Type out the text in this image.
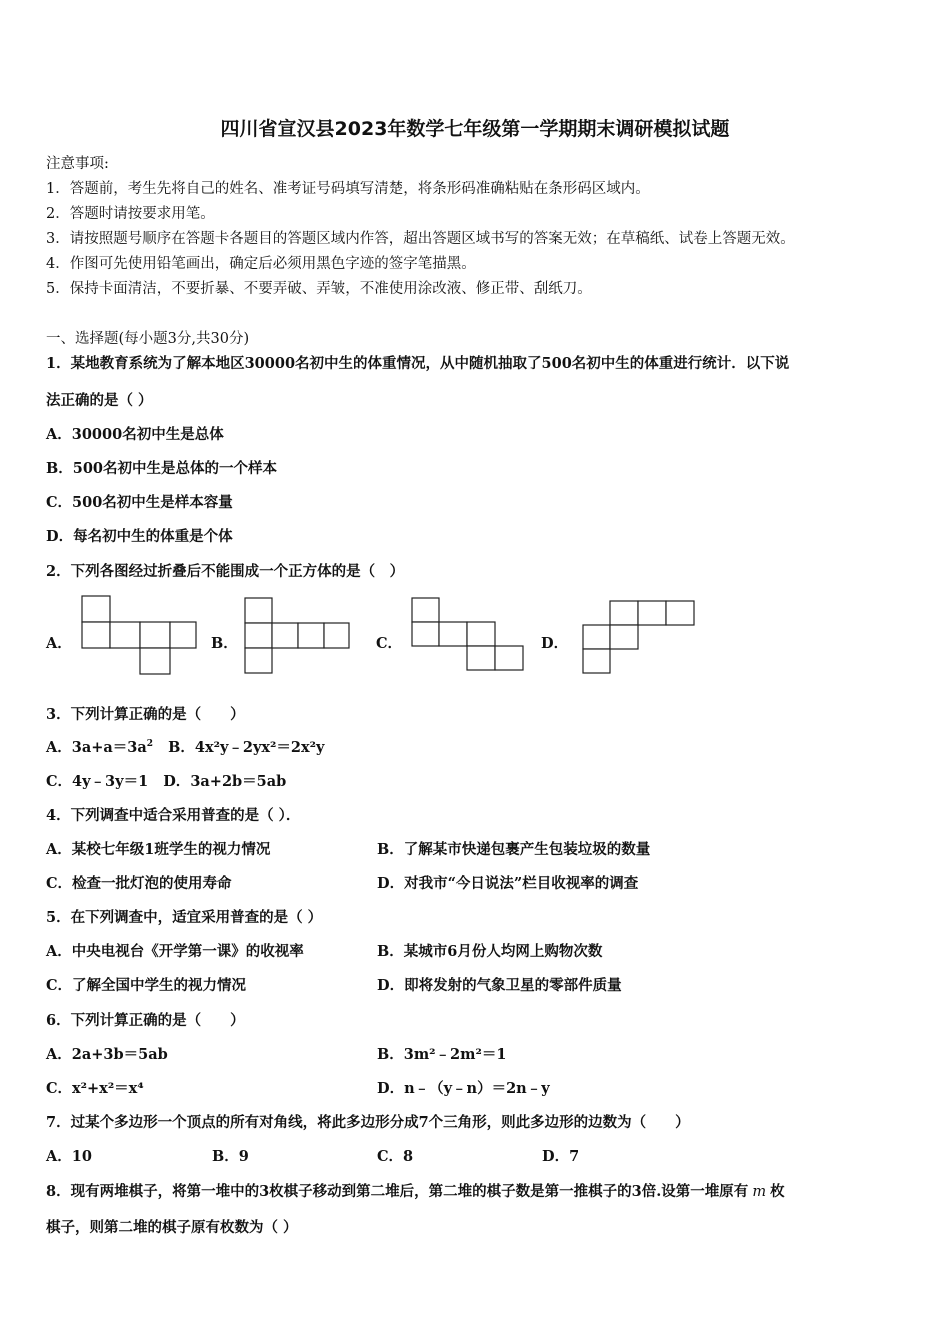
四川省宣汉县2023年数学七年级第一学期期末调研模拟试题
注意事项:
1．答题前，考生先将自己的姓名、准考证号码填写清楚，将条形码准确粘贴在条形码区域内。
2．答题时请按要求用笔。
3．请按照题号顺序在答题卡各题目的答题区域内作答，超出答题区域书写的答案无效；在草稿纸、试卷上答题无效。
4．作图可先使用铅笔画出，确定后必须用黑色字迹的签字笔描黑。
5．保持卡面清洁，不要折暴、不要弄破、弄皱，不准使用涂改液、修正带、刮纸刀。
一、选择题(每小题3分,共30分)
1．某地教育系统为了解本地区30000名初中生的体重情况，从中随机抽取了500名初中生的体重进行统计．以下说
法正确的是（ ）
A．30000名初中生是总体
B．500名初中生是总体的一个样本
C．500名初中生是样本容量
D．每名初中生的体重是个体
2．下列各图经过折叠后不能围成一个正方体的是（　）
A．	B．	C．	D．
3．下列计算正确的是（　　）
A．$3a+a=3a^2$ B．4x²y﹣2yx²＝2x²y
C．4y﹣3y＝1 D．3a+2b＝5ab
4．下列调查中适合采用普查的是（ ）．
A．某校七年级1班学生的视力情况	B．了解某市快递包裹产生包装垃圾的数量
C．检查一批灯泡的使用寿命	D．对我市“今日说法”栏目收视率的调查
5．在下列调查中，适宜采用普查的是（ ）
A．中央电视台《开学第一课》的收视率	B．某城市6月份人均网上购物次数
C．了解全国中学生的视力情况	D．即将发射的气象卫星的零部件质量
6．下列计算正确的是（　　）
A．2a+3b＝5ab	B．3m²﹣2m²＝1
C．x²+x²＝x⁴	D．n﹣（y﹣n）＝2n﹣y
7．过某个多边形一个顶点的所有对角线，将此多边形分成7个三角形，则此多边形的边数为（　　）
A．10	B．9	C．8	D．7
8．现有两堆棋子，将第一堆中的3枚棋子移动到第二堆后，第二堆的棋子数是第一推棋子的3倍.设第一堆原有 m 枚
棋子，则第二堆的棋子原有枚数为（ ）
